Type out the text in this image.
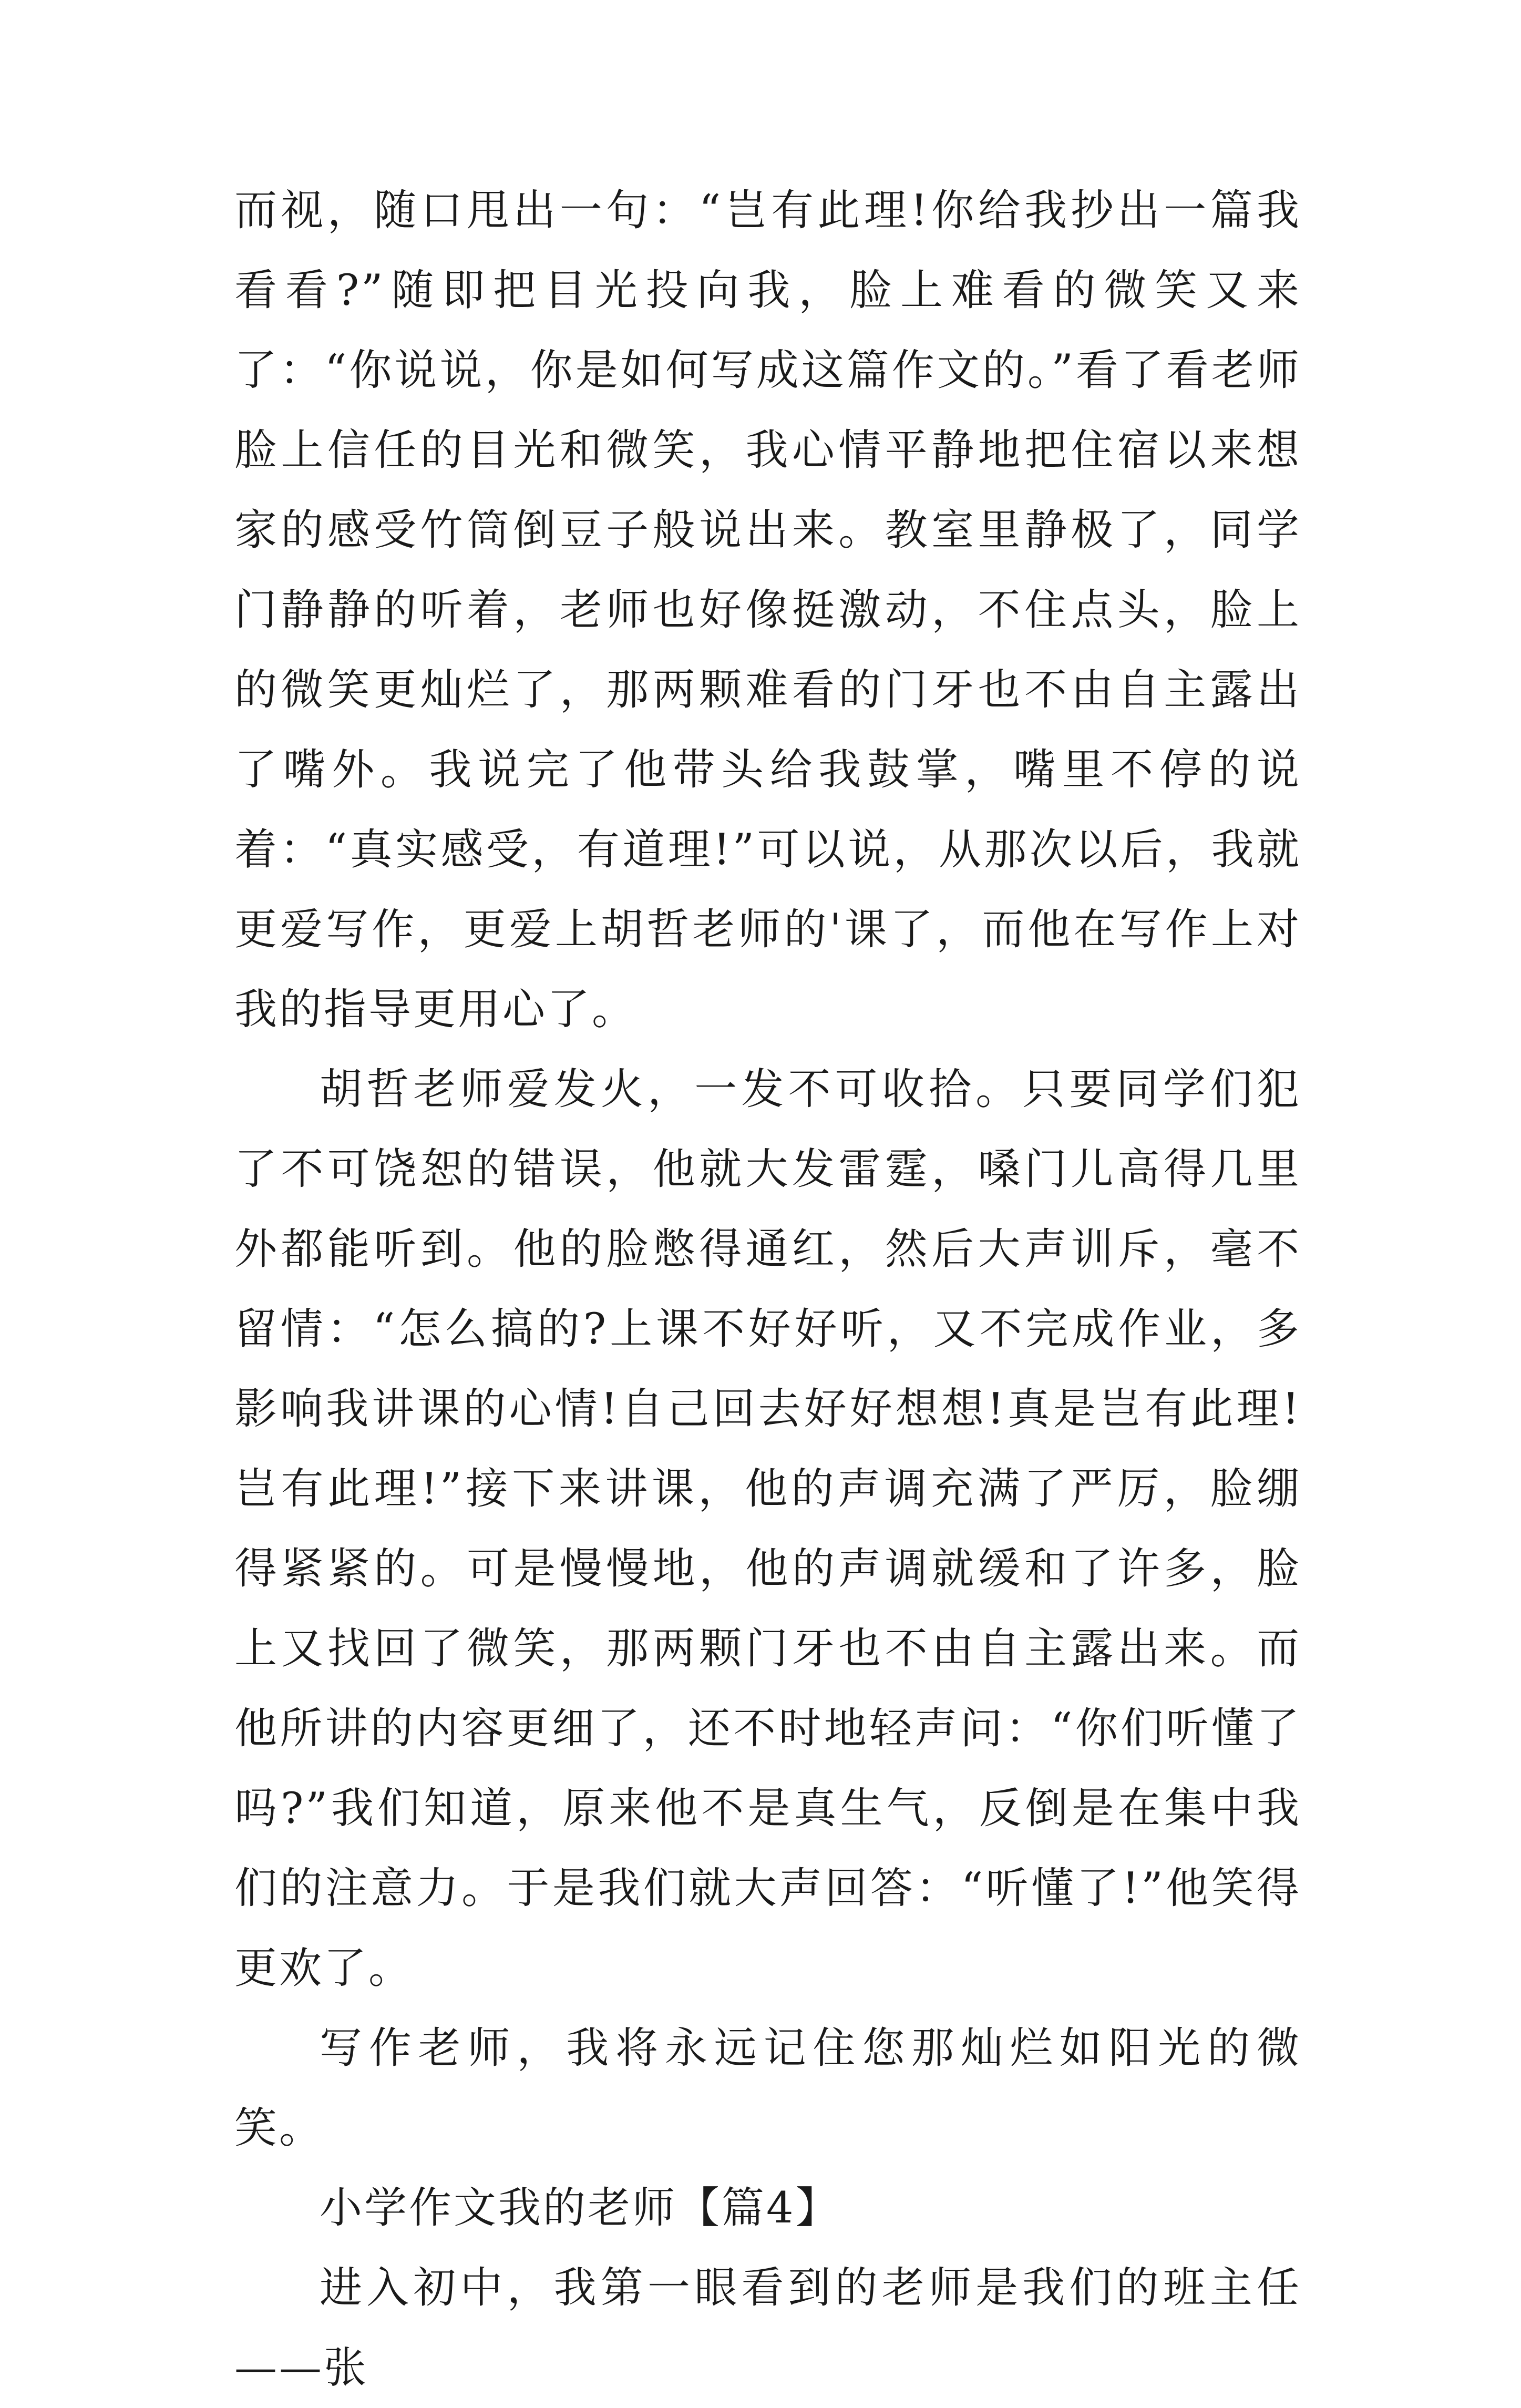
而视，随口甩出一句：“岂有此理!你给我抄出一篇我看看?”随即把目光投向我，脸上难看的微笑又来了：“你说说，你是如何写成这篇作文的。”看了看老师脸上信任的目光和微笑，我心情平静地把住宿以来想家的感受竹筒倒豆子般说出来。教室里静极了，同学门静静的听着，老师也好像挺激动，不住点头，脸上的微笑更灿烂了，那两颗难看的门牙也不由自主露出了嘴外。我说完了他带头给我鼓掌，嘴里不停的说着：“真实感受，有道理!”可以说，从那次以后，我就更爱写作，更爱上胡哲老师的'课了，而他在写作上对我的指导更用心了。

胡哲老师爱发火，一发不可收拾。只要同学们犯了不可饶恕的错误，他就大发雷霆，嗓门儿高得几里外都能听到。他的脸憋得通红，然后大声训斥，毫不留情：“怎么搞的?上课不好好听，又不完成作业，多影响我讲课的心情!自己回去好好想想!真是岂有此理!岂有此理!”接下来讲课，他的声调充满了严厉，脸绷得紧紧的。可是慢慢地，他的声调就缓和了许多，脸上又找回了微笑，那两颗门牙也不由自主露出来。而他所讲的内容更细了，还不时地轻声问：“你们听懂了吗?”我们知道，原来他不是真生气，反倒是在集中我们的注意力。于是我们就大声回答：“听懂了!”他笑得更欢了。

写作老师，我将永远记住您那灿烂如阳光的微笑。

小学作文我的老师【篇4】

进入初中，我第一眼看到的老师是我们的班主任——张
